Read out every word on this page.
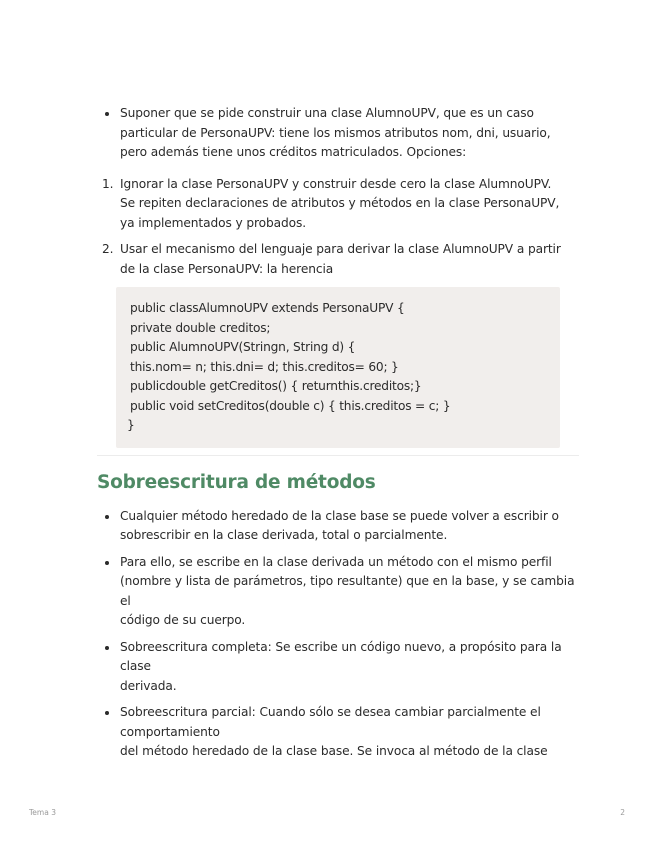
Suponer que se pide construir una clase AlumnoUPV, que es un caso
particular de PersonaUPV: tiene los mismos atributos nom, dni, usuario,
pero además tiene unos créditos matriculados. Opciones:
1. Ignorar la clase PersonaUPV y construir desde cero la clase AlumnoUPV.
Se repiten declaraciones de atributos y métodos en la clase PersonaUPV,
ya implementados y probados.
2. Usar el mecanismo del lenguaje para derivar la clase AlumnoUPV a partir
de la clase PersonaUPV: la herencia
public classAlumnoUPV extends PersonaUPV {
private double creditos;
public AlumnoUPV(Stringn, String d) {
this.nom= n; this.dni= d; this.creditos= 60; }
publicdouble getCreditos() { returnthis.creditos;}
public void setCreditos(double c) { this.creditos = c; }
}
Sobreescritura de métodos
Cualquier método heredado de la clase base se puede volver a escribir o
sobrescribir en la clase derivada, total o parcialmente.
Para ello, se escribe en la clase derivada un método con el mismo perfil
(nombre y lista de parámetros, tipo resultante) que en la base, y se cambia
el
código de su cuerpo.
Sobreescritura completa: Se escribe un código nuevo, a propósito para la
clase
derivada.
Sobreescritura parcial: Cuando sólo se desea cambiar parcialmente el
comportamiento
del método heredado de la clase base. Se invoca al método de la clase
Tema 3	2
